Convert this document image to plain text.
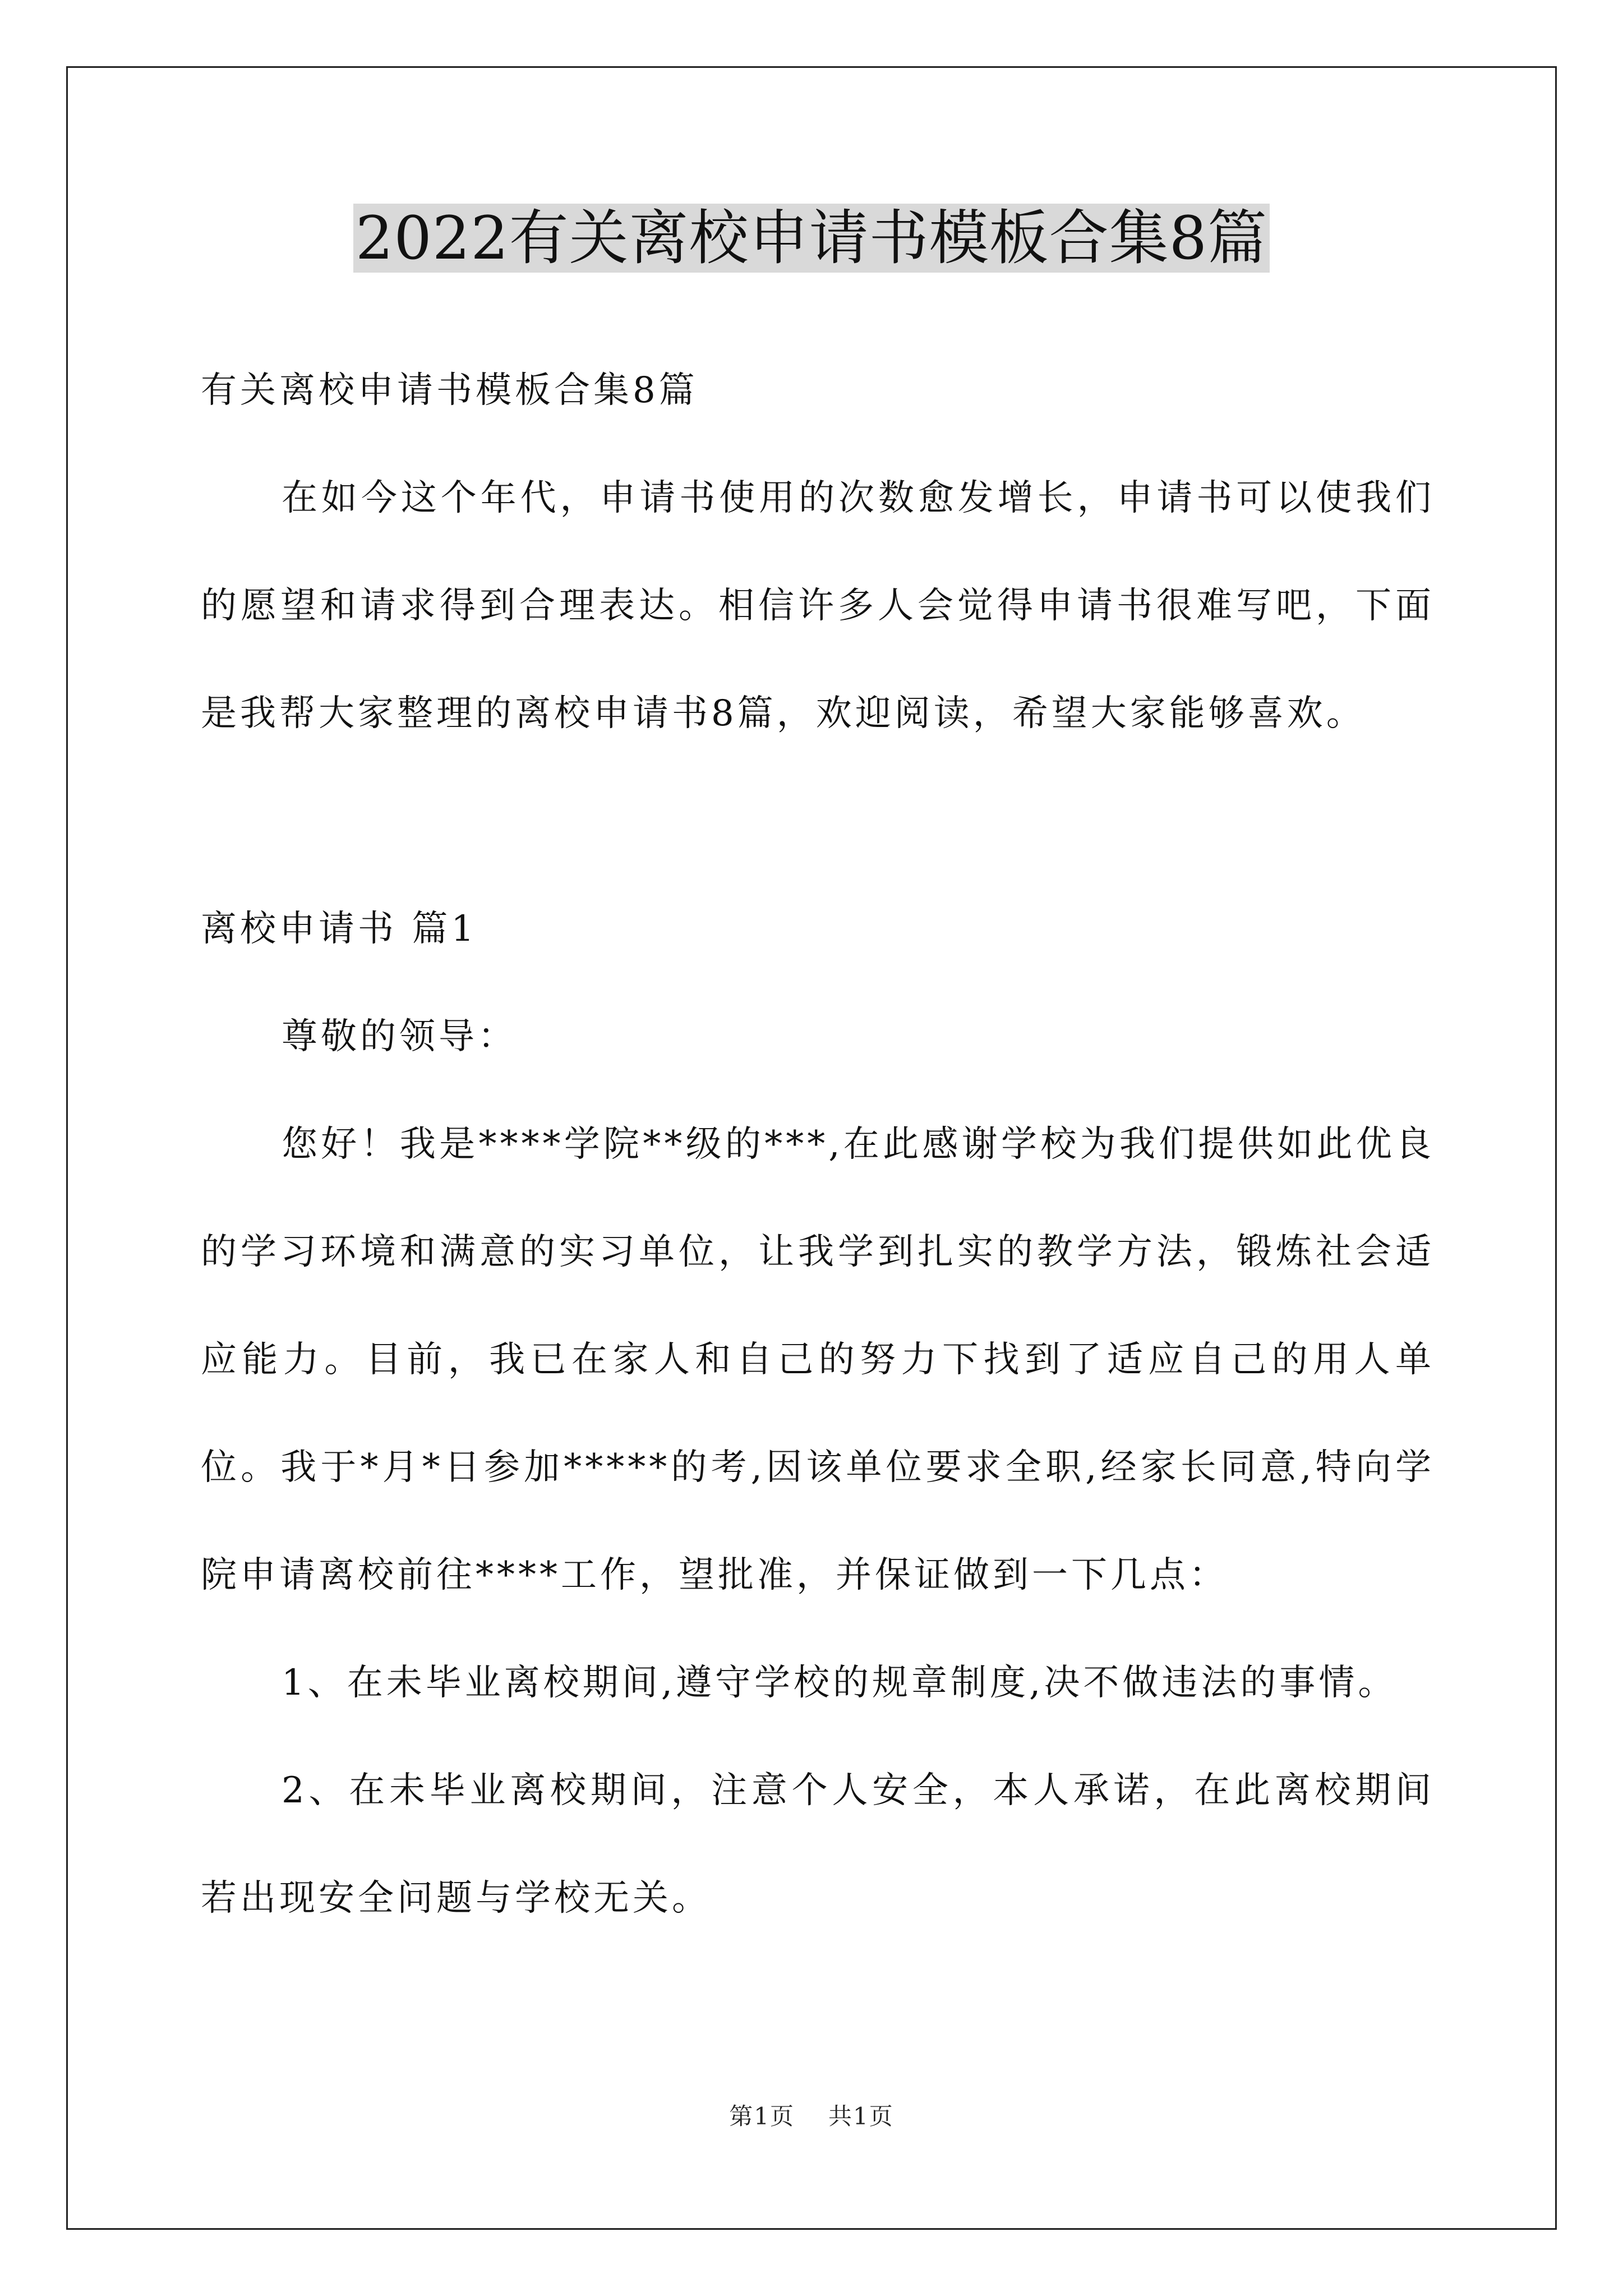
2022有关离校申请书模板合集8篇
有关离校申请书模板合集8篇
在如今这个年代，申请书使用的次数愈发增长，申请书可以使我们的愿望和请求得到合理表达。相信许多人会觉得申请书很难写吧，下面是我帮大家整理的离校申请书8篇，欢迎阅读，希望大家能够喜欢。
离校申请书 篇1
尊敬的领导：
您好！我是****学院**级的***,在此感谢学校为我们提供如此优良的学习环境和满意的实习单位，让我学到扎实的教学方法，锻炼社会适应能力。目前，我已在家人和自己的努力下找到了适应自己的用人单位。我于*月*日参加*****的考,因该单位要求全职,经家长同意,特向学院申请离校前往****工作，望批准，并保证做到一下几点：
1、在未毕业离校期间,遵守学校的规章制度,决不做违法的事情。
2、在未毕业离校期间，注意个人安全，本人承诺，在此离校期间若出现安全问题与学校无关。
第1页 共1页
